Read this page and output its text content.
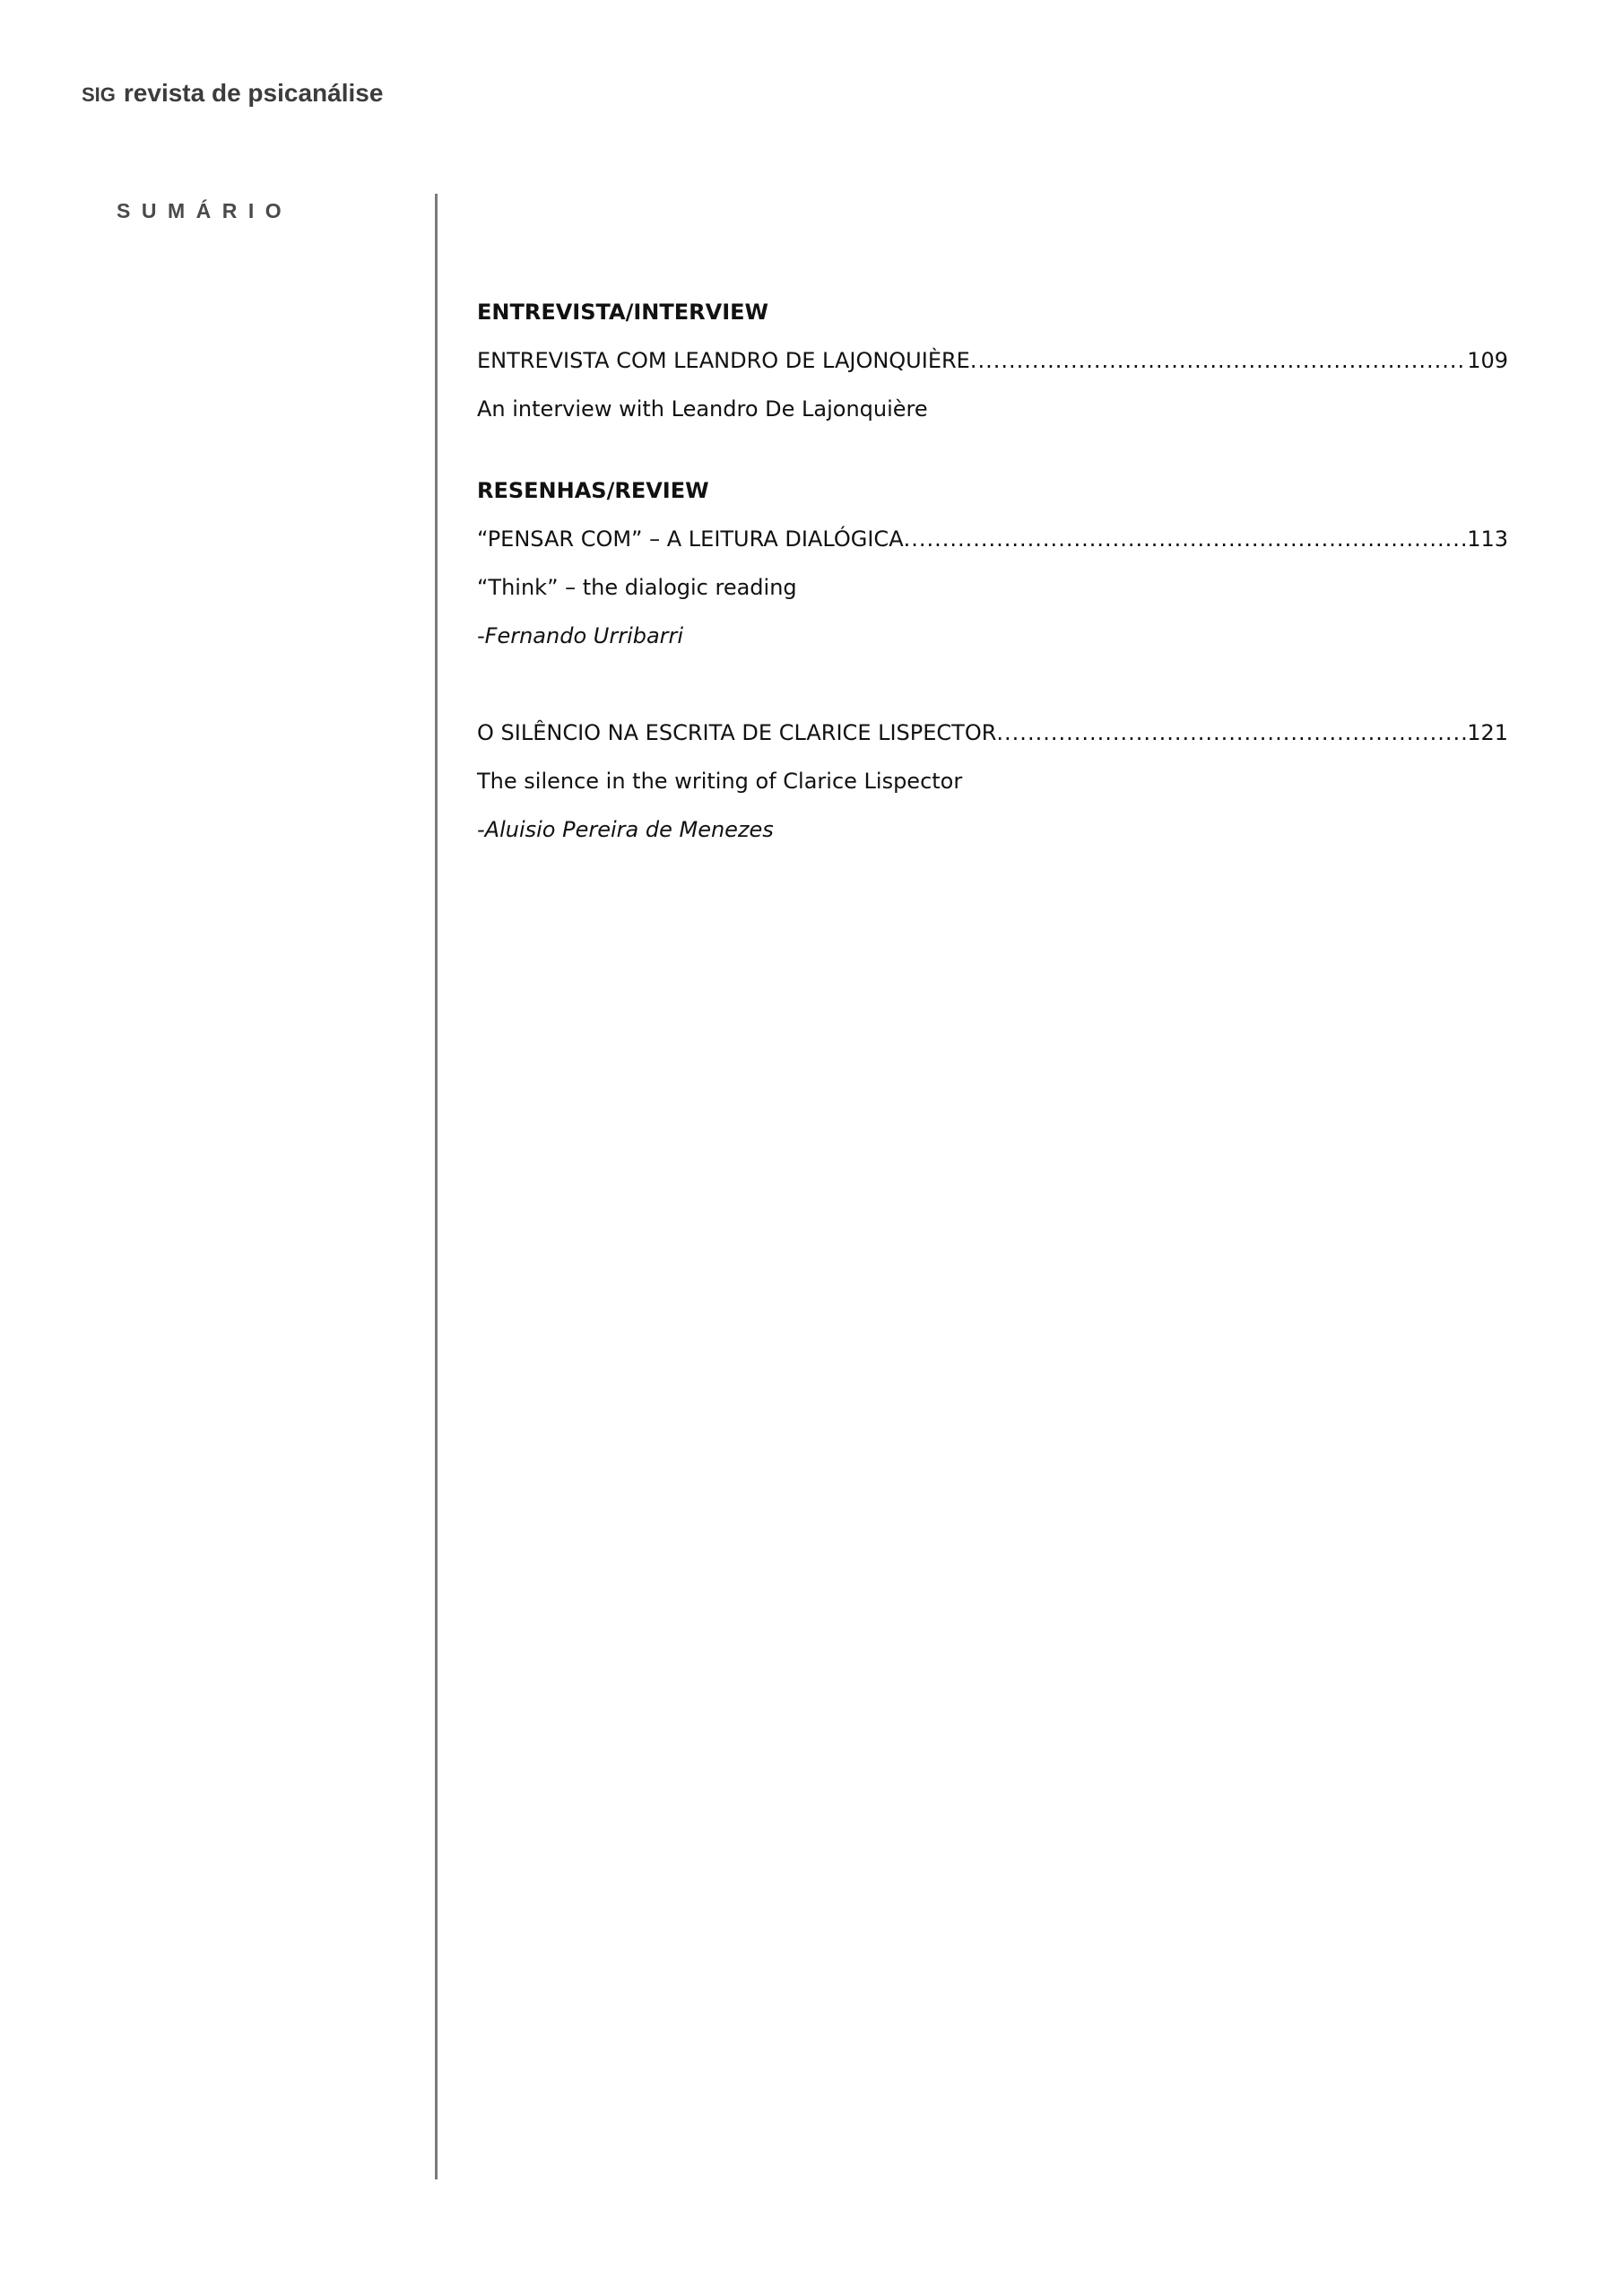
SIG revista de psicanálise
SUMÁRIO
ENTREVISTA/INTERVIEW
ENTREVISTA COM LEANDRO DE LAJONQUIÈRE .....	109
An interview with Leandro De Lajonquière
RESENHAS/REVIEW
“PENSAR COM” – A LEITURA DIALÓGICA .....	113
“Think” – the dialogic reading
-Fernando Urribarri
O SILÊNCIO NA ESCRITA DE CLARICE LISPECTOR .....	121
The silence in the writing of Clarice Lispector
-Aluisio Pereira de Menezes
